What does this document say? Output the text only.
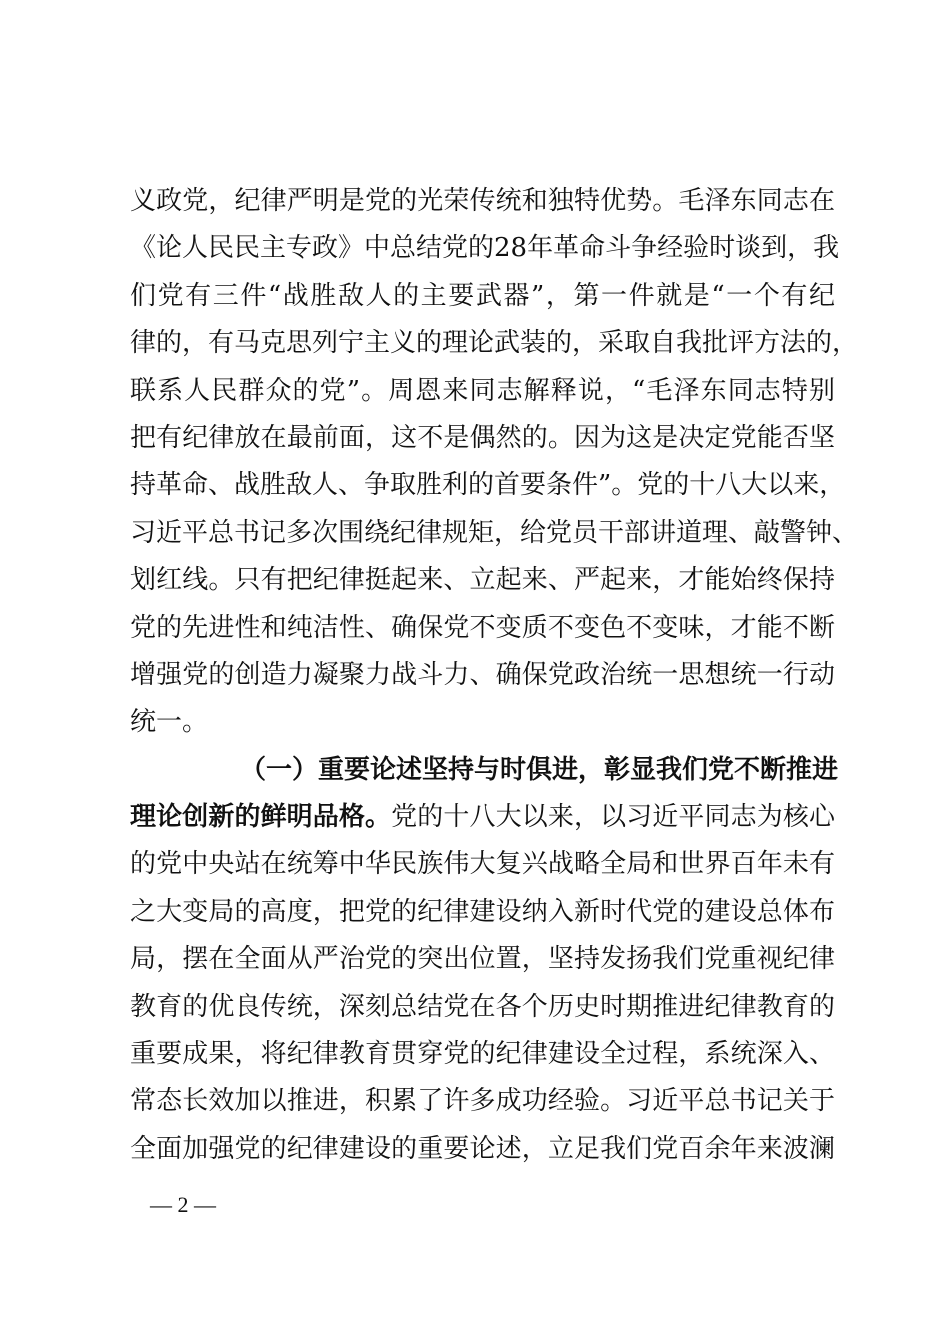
义政党，纪律严明是党的光荣传统和独特优势。毛泽东同志在
《论人民民主专政》中总结党的28年革命斗争经验时谈到，我
们党有三件“战胜敌人的主要武器”，第一件就是“一个有纪
律的，有马克思列宁主义的理论武装的，采取自我批评方法的，
联系人民群众的党”。周恩来同志解释说，“毛泽东同志特别
把有纪律放在最前面，这不是偶然的。因为这是决定党能否坚
持革命、战胜敌人、争取胜利的首要条件”。党的十八大以来，
习近平总书记多次围绕纪律规矩，给党员干部讲道理、敲警钟、
划红线。只有把纪律挺起来、立起来、严起来，才能始终保持
党的先进性和纯洁性、确保党不变质不变色不变味，才能不断
增强党的创造力凝聚力战斗力、确保党政治统一思想统一行动
统一。
（一）重要论述坚持与时俱进，彰显我们党不断推进
理论创新的鲜明品格。党的十八大以来，以习近平同志为核心
的党中央站在统筹中华民族伟大复兴战略全局和世界百年未有
之大变局的高度，把党的纪律建设纳入新时代党的建设总体布
局，摆在全面从严治党的突出位置，坚持发扬我们党重视纪律
教育的优良传统，深刻总结党在各个历史时期推进纪律教育的
重要成果，将纪律教育贯穿党的纪律建设全过程，系统深入、
常态长效加以推进，积累了许多成功经验。习近平总书记关于
全面加强党的纪律建设的重要论述，立足我们党百余年来波澜
— 2 —
